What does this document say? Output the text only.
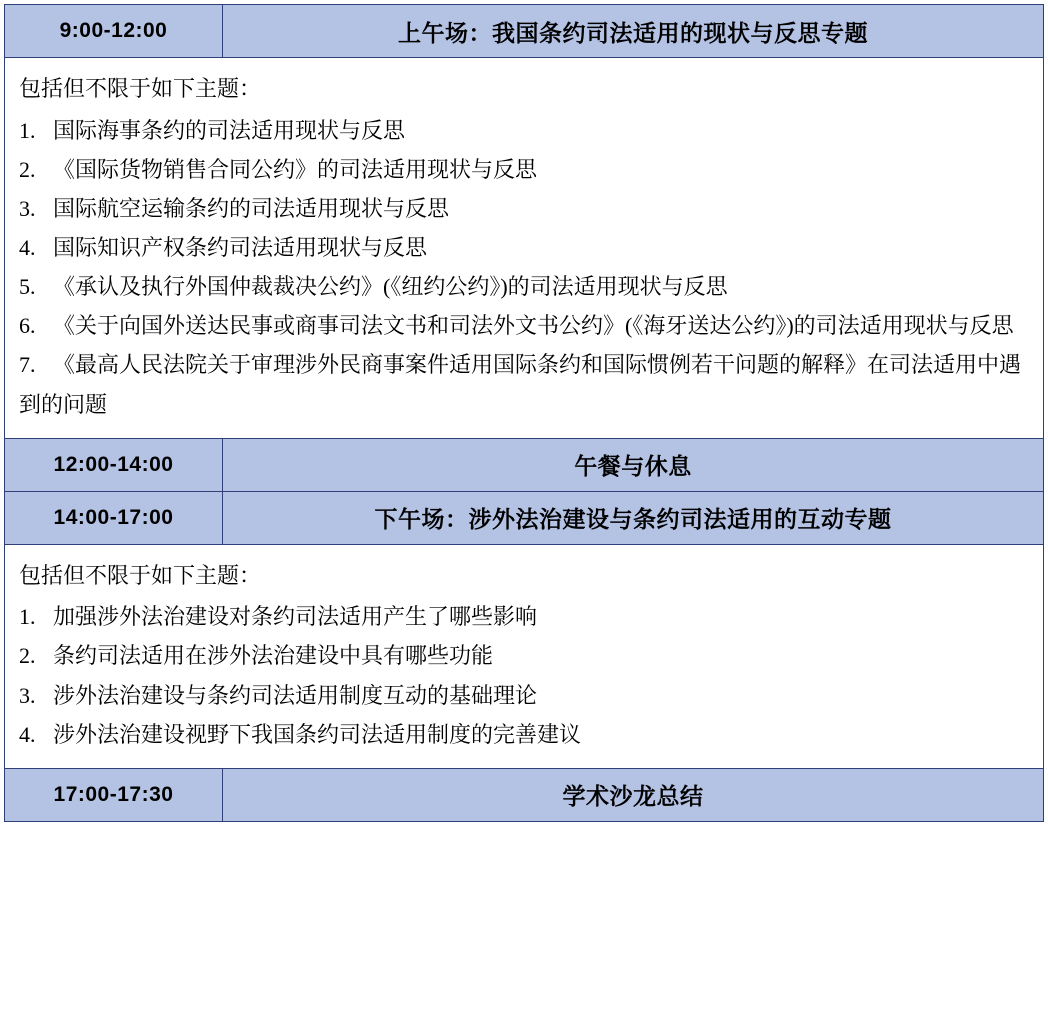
9:00-12:00	上午场：我国条约司法适用的现状与反思专题

包括但不限于如下主题：
1. 国际海事条约的司法适用现状与反思
2. 《国际货物销售合同公约》的司法适用现状与反思
3. 国际航空运输条约的司法适用现状与反思
4. 国际知识产权条约司法适用现状与反思
5. 《承认及执行外国仲裁裁决公约》(《纽约公约》)的司法适用现状与反思
6. 《关于向国外送达民事或商事司法文书和司法外文书公约》(《海牙送达公约》)的司法适用现状与反思
7. 《最高人民法院关于审理涉外民商事案件适用国际条约和国际惯例若干问题的解释》在司法适用中遇到的问题

12:00-14:00	午餐与休息
14:00-17:00	下午场：涉外法治建设与条约司法适用的互动专题

包括但不限于如下主题：
1. 加强涉外法治建设对条约司法适用产生了哪些影响
2. 条约司法适用在涉外法治建设中具有哪些功能
3. 涉外法治建设与条约司法适用制度互动的基础理论
4. 涉外法治建设视野下我国条约司法适用制度的完善建议

17:00-17:30	学术沙龙总结
